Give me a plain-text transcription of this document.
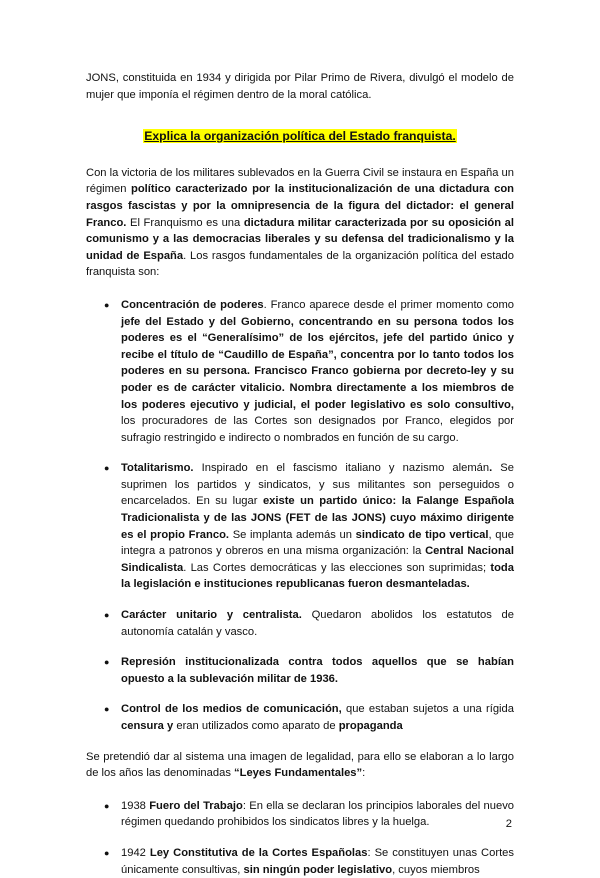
JONS, constituida en 1934 y dirigida por Pilar Primo de Rivera, divulgó el modelo de mujer que imponía el régimen dentro de la moral católica.

Explica la organización política del Estado franquista.

Con la victoria de los militares sublevados en la Guerra Civil se instaura en España un régimen político caracterizado por la institucionalización de una dictadura con rasgos fascistas y por la omnipresencia de la figura del dictador: el general Franco. El Franquismo es una dictadura militar caracterizada por su oposición al comunismo y a las democracias liberales y su defensa del tradicionalismo y la unidad de España. Los rasgos fundamentales de la organización política del estado franquista son:

● Concentración de poderes. Franco aparece desde el primer momento como jefe del Estado y del Gobierno, concentrando en su persona todos los poderes es el “Generalísimo” de los ejércitos, jefe del partido único y recibe el título de “Caudillo de España”, concentra por lo tanto todos los poderes en su persona. Francisco Franco gobierna por decreto-ley y su poder es de carácter vitalicio. Nombra directamente a los miembros de los poderes ejecutivo y judicial, el poder legislativo es solo consultivo, los procuradores de las Cortes son designados por Franco, elegidos por sufragio restringido e indirecto o nombrados en función de su cargo.
● Totalitarismo. Inspirado en el fascismo italiano y nazismo alemán. Se suprimen los partidos y sindicatos, y sus militantes son perseguidos o encarcelados. En su lugar existe un partido único: la Falange Española Tradicionalista y de las JONS (FET de las JONS) cuyo máximo dirigente es el propio Franco. Se implanta además un sindicato de tipo vertical, que integra a patronos y obreros en una misma organización: la Central Nacional Sindicalista. Las Cortes democráticas y las elecciones son suprimidas; toda la legislación e instituciones republicanas fueron desmanteladas.
● Carácter unitario y centralista. Quedaron abolidos los estatutos de autonomía catalán y vasco.
● Represión institucionalizada contra todos aquellos que se habían opuesto a la sublevación militar de 1936.
● Control de los medios de comunicación, que estaban sujetos a una rígida censura y eran utilizados como aparato de propaganda

Se pretendió dar al sistema una imagen de legalidad, para ello se elaboran a lo largo de los años las denominadas “Leyes Fundamentales”:

● 1938 Fuero del Trabajo: En ella se declaran los principios laborales del nuevo régimen quedando prohibidos los sindicatos libres y la huelga.
● 1942 Ley Constitutiva de la Cortes Españolas: Se constituyen unas Cortes únicamente consultivas, sin ningún poder legislativo, cuyos miembros
2
